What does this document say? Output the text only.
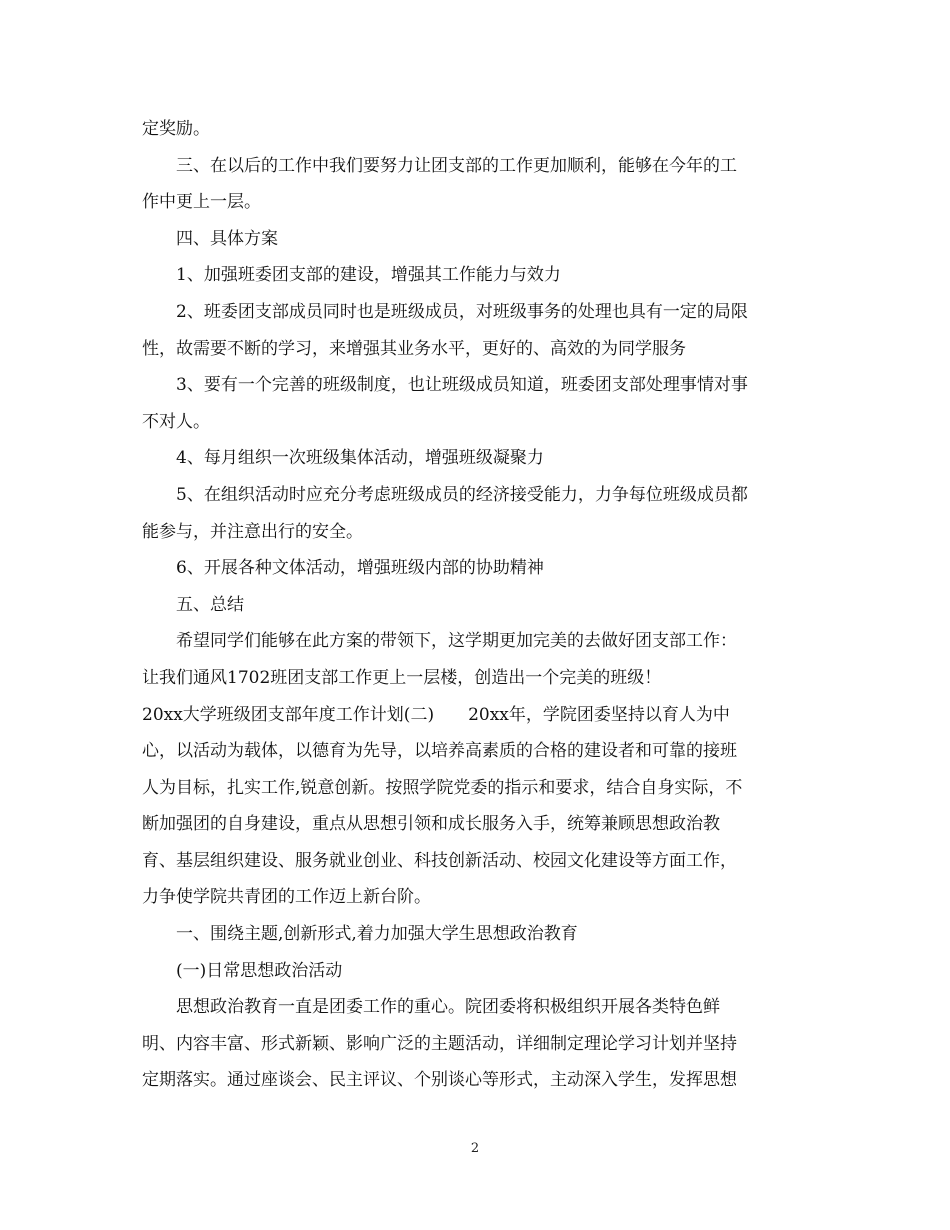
定奖励。
三、在以后的工作中我们要努力让团支部的工作更加顺利，能够在今年的工
作中更上一层。
四、具体方案
1、加强班委团支部的建设，增强其工作能力与效力
2、班委团支部成员同时也是班级成员，对班级事务的处理也具有一定的局限
性，故需要不断的学习，来增强其业务水平，更好的、高效的为同学服务
3、要有一个完善的班级制度，也让班级成员知道，班委团支部处理事情对事
不对人。
4、每月组织一次班级集体活动，增强班级凝聚力
5、在组织活动时应充分考虑班级成员的经济接受能力，力争每位班级成员都
能参与，并注意出行的安全。
6、开展各种文体活动，增强班级内部的协助精神
五、总结
希望同学们能够在此方案的带领下，这学期更加完美的去做好团支部工作：
让我们通风1702班团支部工作更上一层楼，创造出一个完美的班级！
20xx大学班级团支部年度工作计划(二)　　20xx年，学院团委坚持以育人为中
心，以活动为载体，以德育为先导，以培养高素质的合格的建设者和可靠的接班
人为目标，扎实工作,锐意创新。按照学院党委的指示和要求，结合自身实际，不
断加强团的自身建设，重点从思想引领和成长服务入手，统筹兼顾思想政治教
育、基层组织建设、服务就业创业、科技创新活动、校园文化建设等方面工作，
力争使学院共青团的工作迈上新台阶。
一、围绕主题,创新形式,着力加强大学生思想政治教育
(一)日常思想政治活动
思想政治教育一直是团委工作的重心。院团委将积极组织开展各类特色鲜
明、内容丰富、形式新颖、影响广泛的主题活动，详细制定理论学习计划并坚持
定期落实。通过座谈会、民主评议、个别谈心等形式，主动深入学生，发挥思想
2
